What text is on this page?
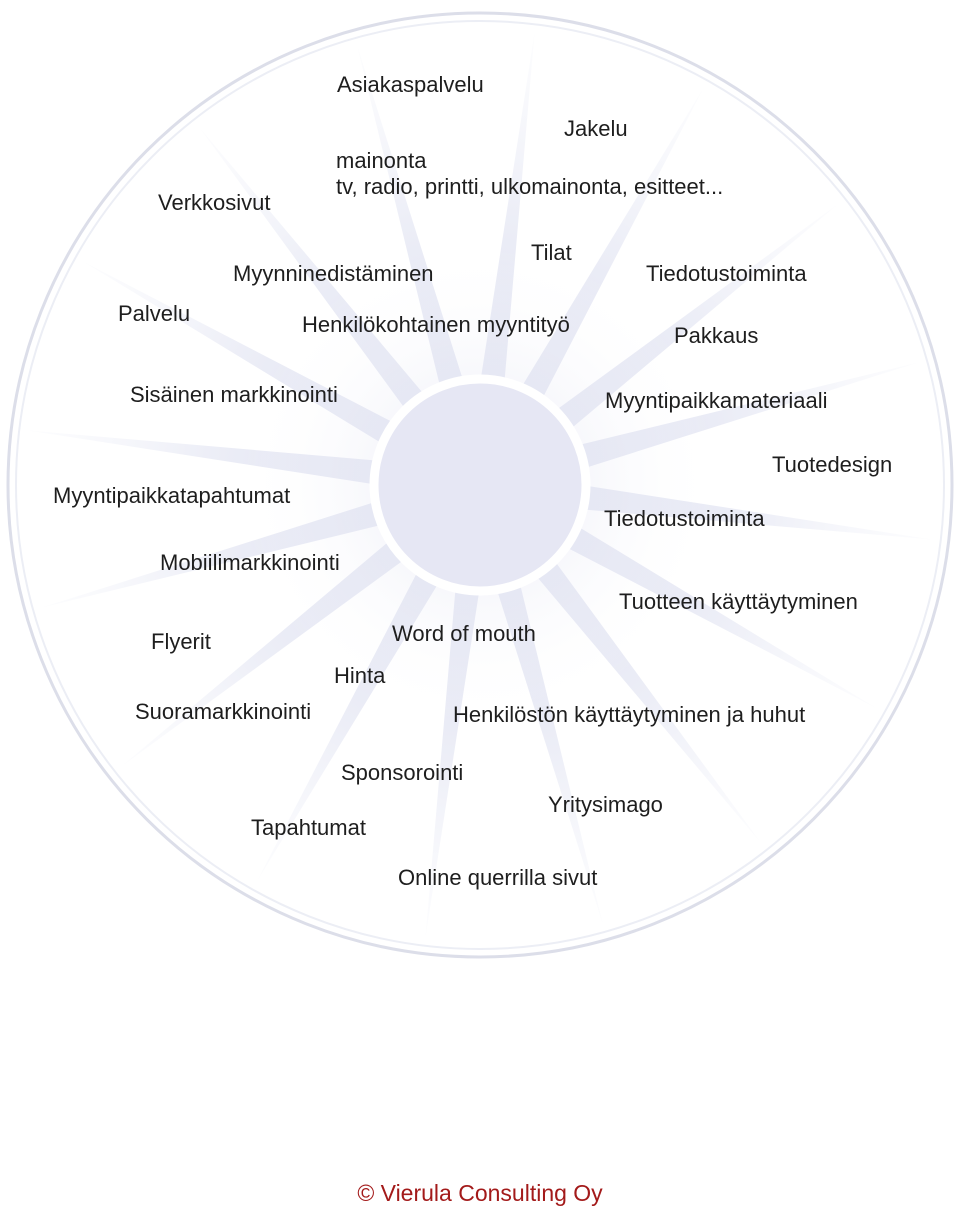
Asiakaspalvelu
Jakelu
mainonta
tv, radio, printti, ulkomainonta, esitteet...
Verkkosivut
Tilat
Myynninedistäminen	Tiedotustoiminta
Palvelu	Henkilökohtainen myyntityö	Pakkaus
Sisäinen markkinointi	Myyntipaikkamateriaali
Tuotedesign
Myyntipaikkatapahtumat
Tiedotustoiminta
Mobiilimarkkinointi
Tuotteen käyttäytyminen
Flyerit	Word of mouth
Hinta
Suoramarkkinointi	Henkilöstön käyttäytyminen ja huhut
Sponsorointi
Yritysimago
Tapahtumat
Online querrilla sivut
© Vierula Consulting Oy
